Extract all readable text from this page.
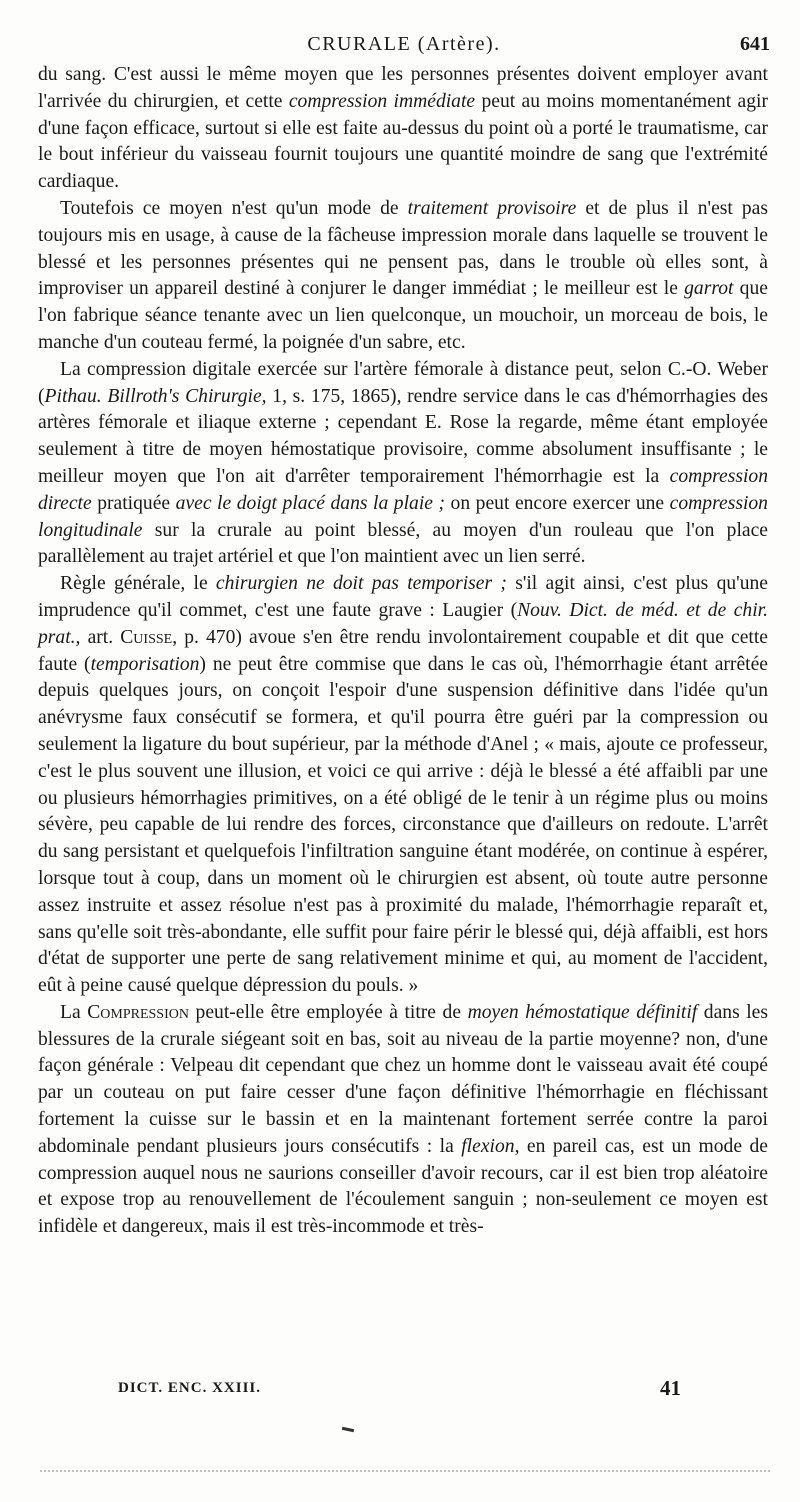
CRURALE (Artère).	641

du sang. C'est aussi le même moyen que les personnes présentes doivent employer avant l'arrivée du chirurgien, et cette compression immédiate peut au moins momentanément agir d'une façon efficace, surtout si elle est faite au-dessus du point où a porté le traumatisme, car le bout inférieur du vaisseau fournit toujours une quantité moindre de sang que l'extrémité cardiaque.

Toutefois ce moyen n'est qu'un mode de traitement provisoire et de plus il n'est pas toujours mis en usage, à cause de la fâcheuse impression morale dans laquelle se trouvent le blessé et les personnes présentes qui ne pensent pas, dans le trouble où elles sont, à improviser un appareil destiné à conjurer le danger immédiat ; le meilleur est le garrot que l'on fabrique séance tenante avec un lien quelconque, un mouchoir, un morceau de bois, le manche d'un couteau fermé, la poignée d'un sabre, etc.

La compression digitale exercée sur l'artère fémorale à distance peut, selon C.-O. Weber (Pithau. Billroth's Chirurgie, 1, s. 175, 1865), rendre service dans le cas d'hémorrhagies des artères fémorale et iliaque externe ; cependant E. Rose la regarde, même étant employée seulement à titre de moyen hémostatique provisoire, comme absolument insuffisante ; le meilleur moyen que l'on ait d'arrêter temporairement l'hémorrhagie est la compression directe pratiquée avec le doigt placé dans la plaie ; on peut encore exercer une compression longitudinale sur la crurale au point blessé, au moyen d'un rouleau que l'on place parallèlement au trajet artériel et que l'on maintient avec un lien serré.

Règle générale, le chirurgien ne doit pas temporiser ; s'il agit ainsi, c'est plus qu'une imprudence qu'il commet, c'est une faute grave : Laugier (Nouv. Dict. de méd. et de chir. prat., art. Cuisse, p. 470) avoue s'en être rendu involontairement coupable et dit que cette faute (temporisation) ne peut être commise que dans le cas où, l'hémorrhagie étant arrêtée depuis quelques jours, on conçoit l'espoir d'une suspension définitive dans l'idée qu'un anévrysme faux consécutif se formera, et qu'il pourra être guéri par la compression ou seulement la ligature du bout supérieur, par la méthode d'Anel ; « mais, ajoute ce professeur, c'est le plus souvent une illusion, et voici ce qui arrive : déjà le blessé a été affaibli par une ou plusieurs hémorrhagies primitives, on a été obligé de le tenir à un régime plus ou moins sévère, peu capable de lui rendre des forces, circonstance que d'ailleurs on redoute. L'arrêt du sang persistant et quelquefois l'infiltration sanguine étant modérée, on continue à espérer, lorsque tout à coup, dans un moment où le chirurgien est absent, où toute autre personne assez instruite et assez résolue n'est pas à proximité du malade, l'hémorrhagie reparaît et, sans qu'elle soit très-abondante, elle suffit pour faire périr le blessé qui, déjà affaibli, est hors d'état de supporter une perte de sang relativement minime et qui, au moment de l'accident, eût à peine causé quelque dépression du pouls. »

La Compression peut-elle être employée à titre de moyen hémostatique définitif dans les blessures de la crurale siégeant soit en bas, soit au niveau de la partie moyenne? non, d'une façon générale : Velpeau dit cependant que chez un homme dont le vaisseau avait été coupé par un couteau on put faire cesser d'une façon définitive l'hémorrhagie en fléchissant fortement la cuisse sur le bassin et en la maintenant fortement serrée contre la paroi abdominale pendant plusieurs jours consécutifs : la flexion, en pareil cas, est un mode de compression auquel nous ne saurions conseiller d'avoir recours, car il est bien trop aléatoire et expose trop au renouvellement de l'écoulement sanguin ; non-seulement ce moyen est infidèle et dangereux, mais il est très-incommode et très-

DICT. ENC. XXIII.	41
